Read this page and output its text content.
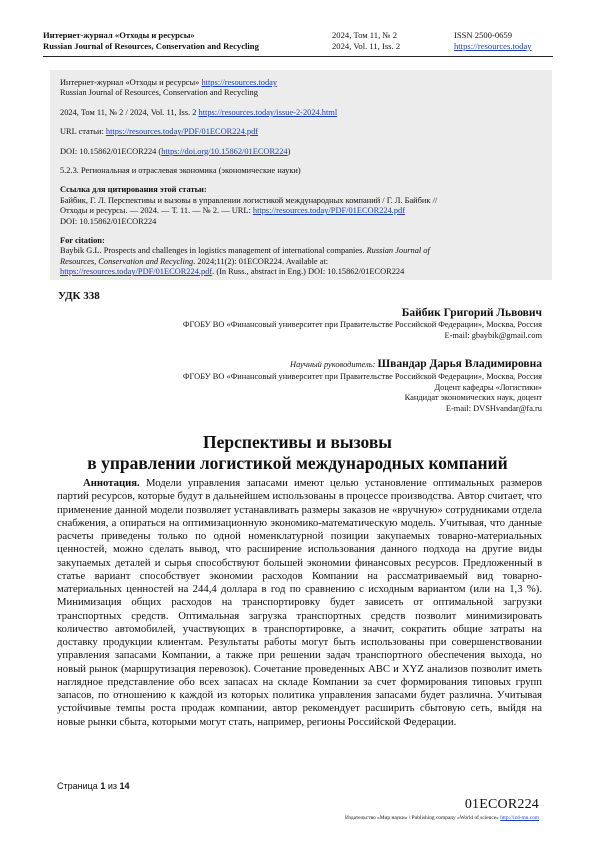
Интернет-журнал «Отходы и ресурсы»
Russian Journal of Resources, Conservation and Recycling
2024, Том 11, № 2
2024, Vol. 11, Iss. 2
ISSN 2500-0659
https://resources.today

Интернет-журнал «Отходы и ресурсы» https://resources.today

Russian Journal of Resources, Conservation and Recycling

2024, Том 11, № 2 / 2024, Vol. 11, Iss. 2 https://resources.today/issue-2-2024.html

URL статьи: https://resources.today/PDF/01ECOR224.pdf

DOI: 10.15862/01ECOR224 (https://doi.org/10.15862/01ECOR224)

5.2.3. Региональная и отраслевая экономика (экономические науки)

Ссылка для цитирования этой статьи:

Байбик, Г. Л. Перспективы и вызовы в управлении логистикой международных компаний / Г. Л. Байбик //

Отходы и ресурсы. — 2024. — Т. 11. — № 2. — URL: https://resources.today/PDF/01ECOR224.pdf

DOI: 10.15862/01ECOR224

For citation:

Baybik G.L. Prospects and challenges in logistics management of international companies. Russian Journal of

Resources, Conservation and Recycling. 2024;11(2): 01ECOR224. Available at:

https://resources.today/PDF/01ECOR224.pdf. (In Russ., abstract in Eng.) DOI: 10.15862/01ECOR224

УДК 338
Байбик Григорий Львович
ФГОБУ ВО «Финансовый университет при Правительстве Российской Федерации», Москва, Россия
E-mail: gbaybik@gmail.com
Научный руководитель: Швандар Дарья Владимировна
ФГОБУ ВО «Финансовый университет при Правительстве Российской Федерации», Москва, Россия
Доцент кафедры «Логистики»
Кандидат экономических наук, доцент
E-mail: DVSHvandar@fa.ru
Перспективы и вызовы
в управлении логистикой международных компаний

Аннотация. Модели управления запасами имеют целью установление оптимальных размеров партий ресурсов, которые будут в дальнейшем использованы в процессе производства. Автор считает, что применение данной модели позволяет устанавливать размеры заказов не «вручную» сотрудниками отдела снабжения, а опираться на оптимизационную экономико-математическую модель. Учитывая, что данные расчеты приведены только по одной номенклатурной позиции закупаемых товарно-материальных ценностей, можно сделать вывод, что расширение использования данного подхода на другие виды закупаемых деталей и сырья способствуют большей экономии финансовых ресурсов. Предложенный в статье вариант способствует экономии расходов Компании на рассматриваемый вид товарно-материальных ценностей на 244,4 доллара в год по сравнению с исходным вариантом (или на 1,3 %). Минимизация общих расходов на транспортировку будет зависеть от оптимальной загрузки транспортных средств. Оптимальная загрузка транспортных средств позволит минимизировать количество автомобилей, участвующих в транспортировке, а значит, сократить общие затраты на доставку продукции клиентам. Результаты работы могут быть использованы при совершенствовании управления запасами Компании, а также при решении задач транспортного обеспечения выхода, но новый рынок (маршрутизация перевозок). Сочетание проведенных ABC и XYZ анализов позволит иметь наглядное представление обо всех запасах на складе Компании за счет формирования типовых групп запасов, по отношению к каждой из которых политика управления запасами будет различна. Учитывая устойчивые темпы роста продаж компании, автор рекомендует расширить сбытовую сеть, выйдя на новые рынки сбыта, которыми могут стать, например, регионы Российской Федерации.

Страница 1 из 14
01ECOR224
Издательство «Мир науки» \ Publishing company «World of science» http://izd-mn.com
